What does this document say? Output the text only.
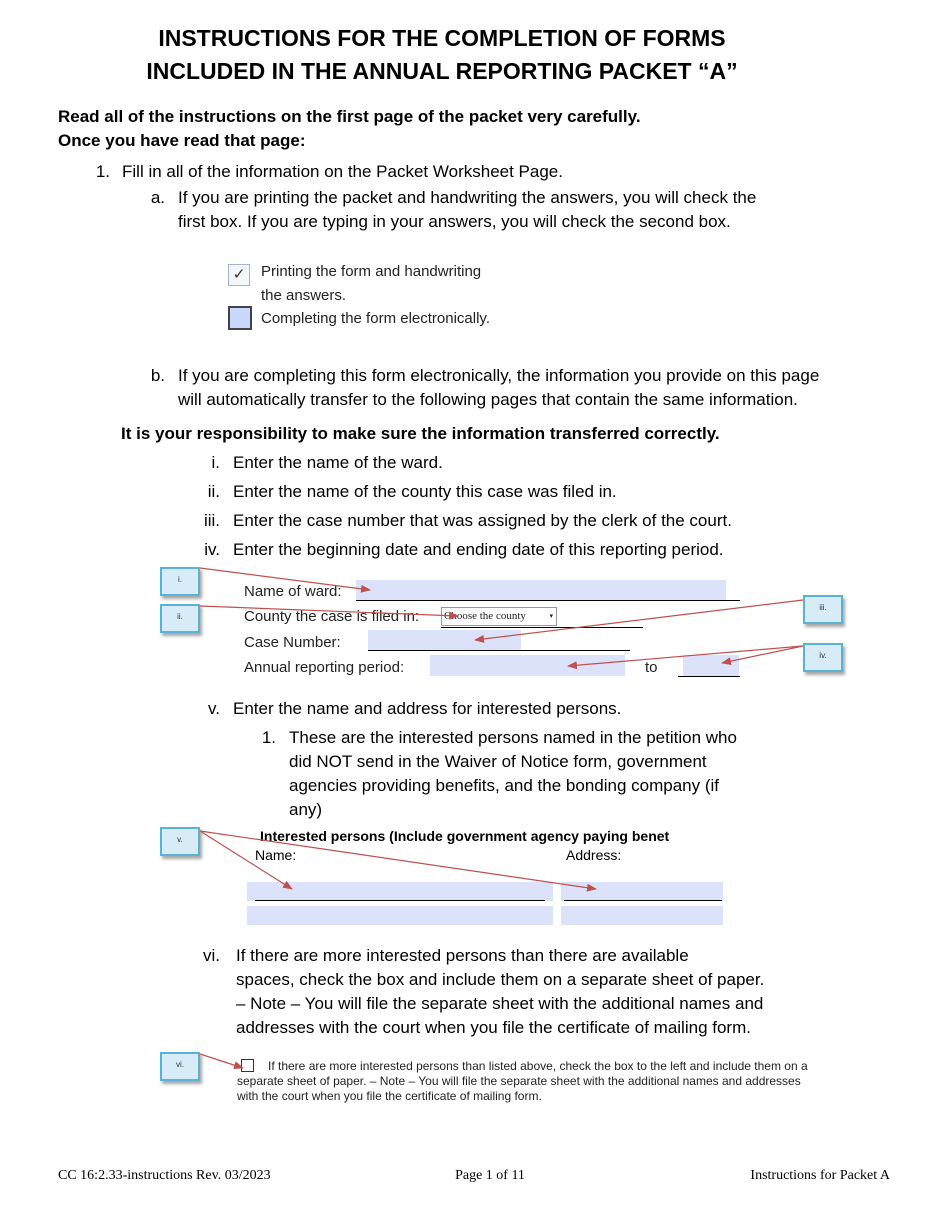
INSTRUCTIONS FOR THE COMPLETION OF FORMS
INCLUDED IN THE ANNUAL REPORTING PACKET “A”
Read all of the instructions on the first page of the packet very carefully.
Once you have read that page:
1. Fill in all of the information on the Packet Worksheet Page.
a. If you are printing the packet and handwriting the answers, you will check the
first box. If you are typing in your answers, you will check the second box.
✓	Printing the form and handwriting
the answers.
Completing the form electronically.
b. If you are completing this form electronically, the information you provide on this page
will automatically transfer to the following pages that contain the same information.
It is your responsibility to make sure the information transferred correctly.
i. Enter the name of the ward.
ii. Enter the name of the county this case was filed in.
iii. Enter the case number that was assigned by the clerk of the court.
iv. Enter the beginning date and ending date of this reporting period.
Name of ward:
County the case is filed in: Choose the county	▾
Case Number:
Annual reporting period:	to
v. Enter the name and address for interested persons.
1. These are the interested persons named in the petition who
did NOT send in the Waiver of Notice form, government
agencies providing benefits, and the bonding company (if
any)
Interested persons (Include government agency paying benet
Name:	Address:
vi. If there are more interested persons than there are available
spaces, check the box and include them on a separate sheet of paper.
– Note – You will file the separate sheet with the additional names and
addresses with the court when you file the certificate of mailing form.
If there are more interested persons than listed above, check the box to the left and include them on a
separate sheet of paper. – Note – You will file the separate sheet with the additional names and addresses
with the court when you file the certificate of mailing form.
i.
ii.
iii.
iv.
v.
vi.
CC 16:2.33-instructions Rev. 03/2023	Page 1 of 11	Instructions for Packet A
